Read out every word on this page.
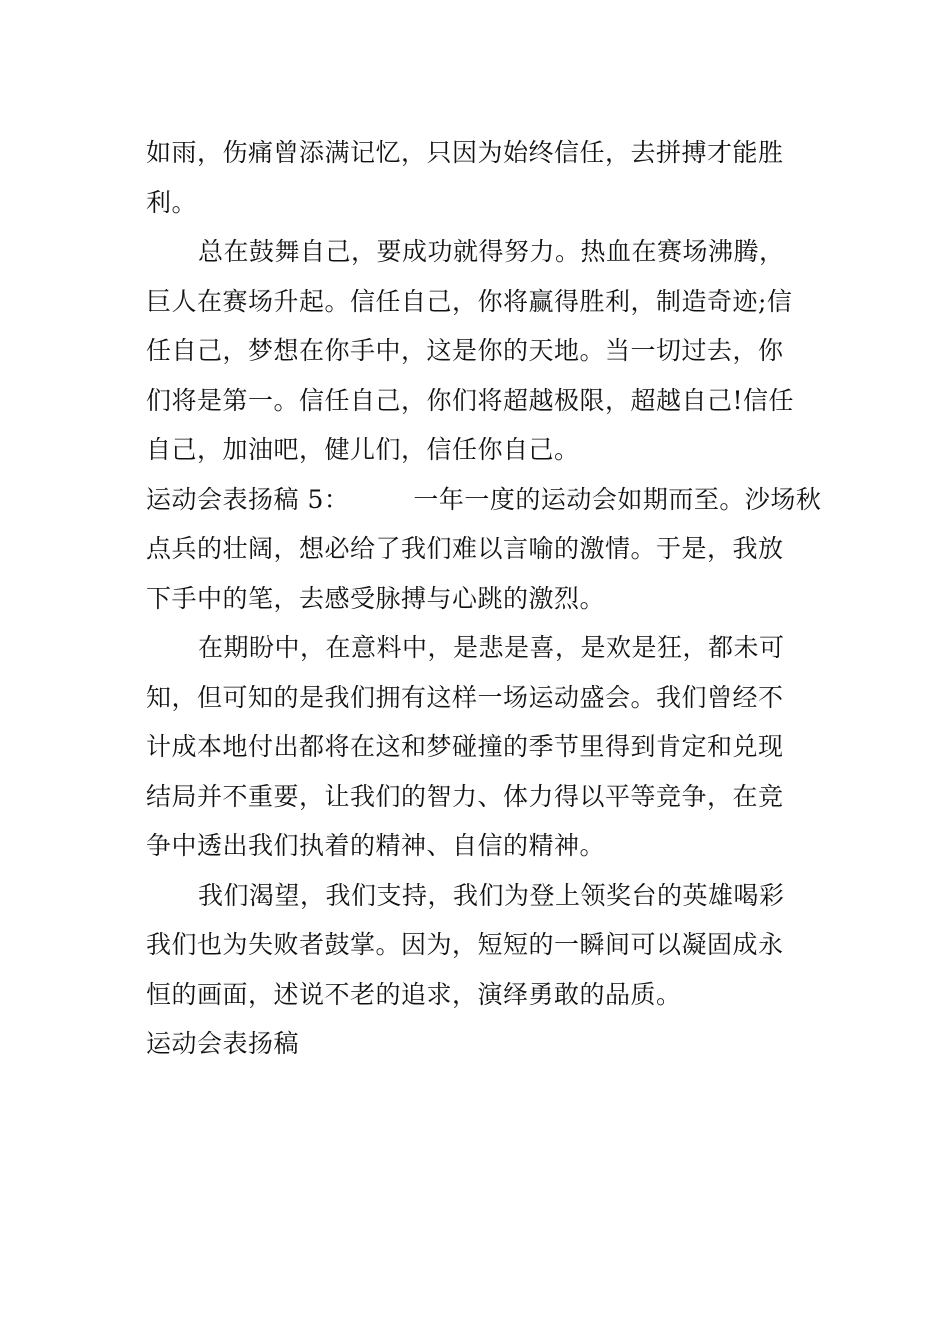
如雨，伤痛曾添满记忆，只因为始终信任，去拼搏才能胜
利。
总在鼓舞自己，要成功就得努力。热血在赛场沸腾，
巨人在赛场升起。信任自己，你将赢得胜利，制造奇迹;信
任自己，梦想在你手中，这是你的天地。当一切过去，你
们将是第一。信任自己，你们将超越极限，超越自己!信任
自己，加油吧，健儿们，信任你自己。
运动会表扬稿 5：	一年一度的运动会如期而至。沙场秋
点兵的壮阔，想必给了我们难以言喻的激情。于是，我放
下手中的笔，去感受脉搏与心跳的激烈。
在期盼中，在意料中，是悲是喜，是欢是狂，都未可
知，但可知的是我们拥有这样一场运动盛会。我们曾经不
计成本地付出都将在这和梦碰撞的季节里得到肯定和兑现
结局并不重要，让我们的智力、体力得以平等竞争，在竞
争中透出我们执着的精神、自信的精神。
我们渴望，我们支持，我们为登上领奖台的英雄喝彩
我们也为失败者鼓掌。因为，短短的一瞬间可以凝固成永
恒的画面，述说不老的追求，演绎勇敢的品质。
运动会表扬稿
